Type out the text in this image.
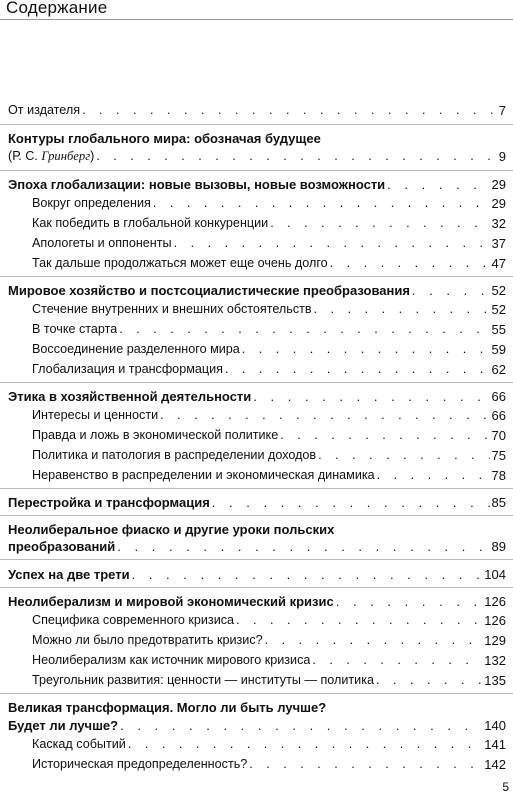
Содержание
От издателя . . .	7
Контуры глобального мира: обозначая будущее
(Р. С. Гринберг) . . .	9
Эпоха глобализации: новые вызовы, новые возможности . . .	29
Вокруг определения . . .	29
Как победить в глобальной конкуренции . . .	32
Апологеты и оппоненты . . .	37
Так дальше продолжаться может еще очень долго . . .	47
Мировое хозяйство и постсоциалистические преобразования . . .	52
Стечение внутренних и внешних обстоятельств . . .	52
В точке старта . . .	55
Воссоединение разделенного мира . . .	59
Глобализация и трансформация . . .	62
Этика в хозяйственной деятельности . . .	66
Интересы и ценности . . .	66
Правда и ложь в экономической политике . . .	70
Политика и патология в распределении доходов . . .	75
Неравенство в распределении и экономическая динамика . . .	78
Перестройка и трансформация . . .	85
Неолиберальное фиаско и другие уроки польских
преобразований . . .	89
Успех на две трети . . .	104
Неолиберализм и мировой экономический кризис . . .	126
Специфика современного кризиса . . .	126
Можно ли было предотвратить кризис? . . .	129
Неолиберализм как источник мирового кризиса . . .	132
Треугольник развития: ценности — институты — политика . . .	135
Великая трансформация. Могло ли быть лучше?
Будет ли лучше? . . .	140
Каскад событий . . .	141
Историческая предопределенность? . . .	142
5
